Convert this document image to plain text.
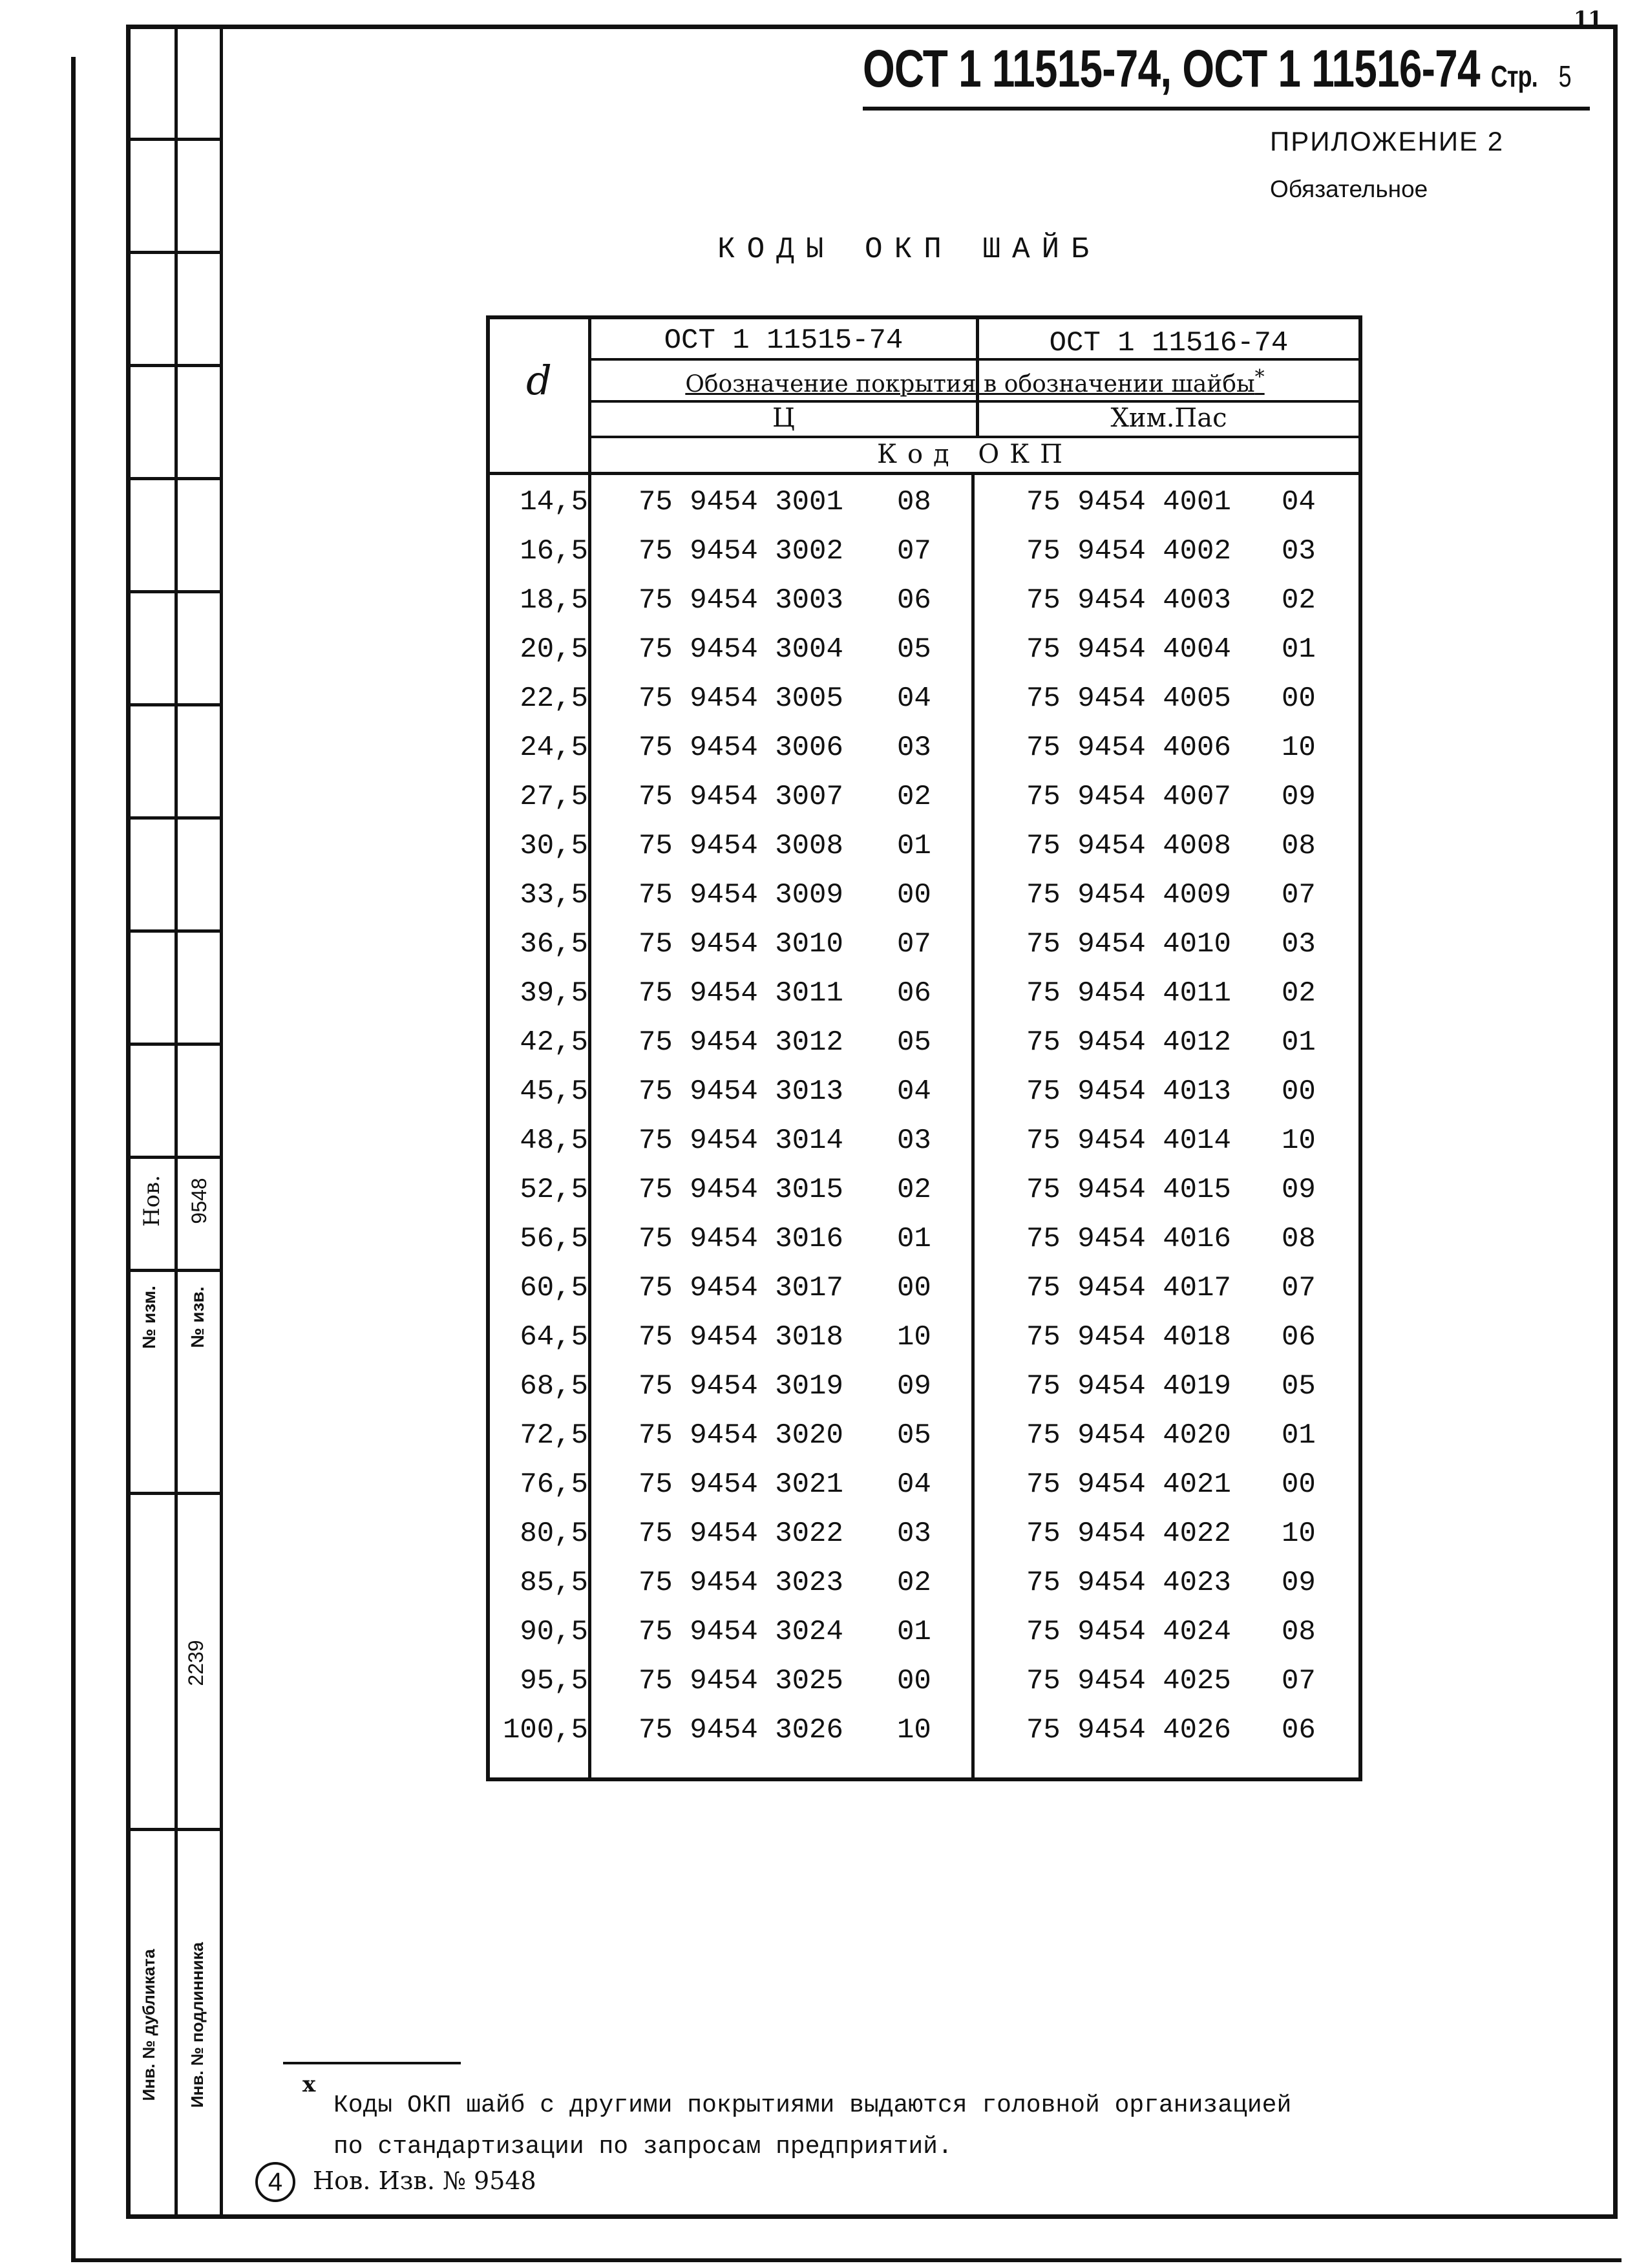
11
Нов. 9548
№ изм.	№ изв.
2239
Инв. № дубликата	Инв. № подлинника
ОСТ 1 11515-74, ОСТ 1 11516-74 Стр. 5
ПРИЛОЖЕНИЕ 2
Обязательное
КОДЫ ОКП ШАЙБ
d
ОСТ 1 11515-74	ОСТ 1 11516-74
Обозначение покрытия в обозначении шайбы*
Ц	Хим.Пас
Код ОКП
14,5 75 9454 3001 08	75 9454 4001 04
16,5 75 9454 3002 07	75 9454 4002 03
18,5 75 9454 3003 06	75 9454 4003 02
20,5 75 9454 3004 05	75 9454 4004 01
22,5 75 9454 3005 04	75 9454 4005 00
24,5 75 9454 3006 03	75 9454 4006 10
27,5 75 9454 3007 02	75 9454 4007 09
30,5 75 9454 3008 01	75 9454 4008 08
33,5 75 9454 3009 00	75 9454 4009 07
36,5 75 9454 3010 07	75 9454 4010 03
39,5 75 9454 3011 06	75 9454 4011 02
42,5 75 9454 3012 05	75 9454 4012 01
45,5 75 9454 3013 04	75 9454 4013 00
48,5 75 9454 3014 03	75 9454 4014 10
52,5 75 9454 3015 02	75 9454 4015 09
56,5 75 9454 3016 01	75 9454 4016 08
60,5 75 9454 3017 00	75 9454 4017 07
64,5 75 9454 3018 10	75 9454 4018 06
68,5 75 9454 3019 09	75 9454 4019 05
72,5 75 9454 3020 05	75 9454 4020 01
76,5 75 9454 3021 04	75 9454 4021 00
80,5 75 9454 3022 03	75 9454 4022 10
85,5 75 9454 3023 02	75 9454 4023 09
90,5 75 9454 3024 01	75 9454 4024 08
95,5 75 9454 3025 00	75 9454 4025 07
100,5 75 9454 3026 10	75 9454 4026 06
x
Коды ОКП шайб с другими покрытиями выдаются головной организацией
по стандартизации по запросам предприятий.
4	Нов. Изв. № 9548
